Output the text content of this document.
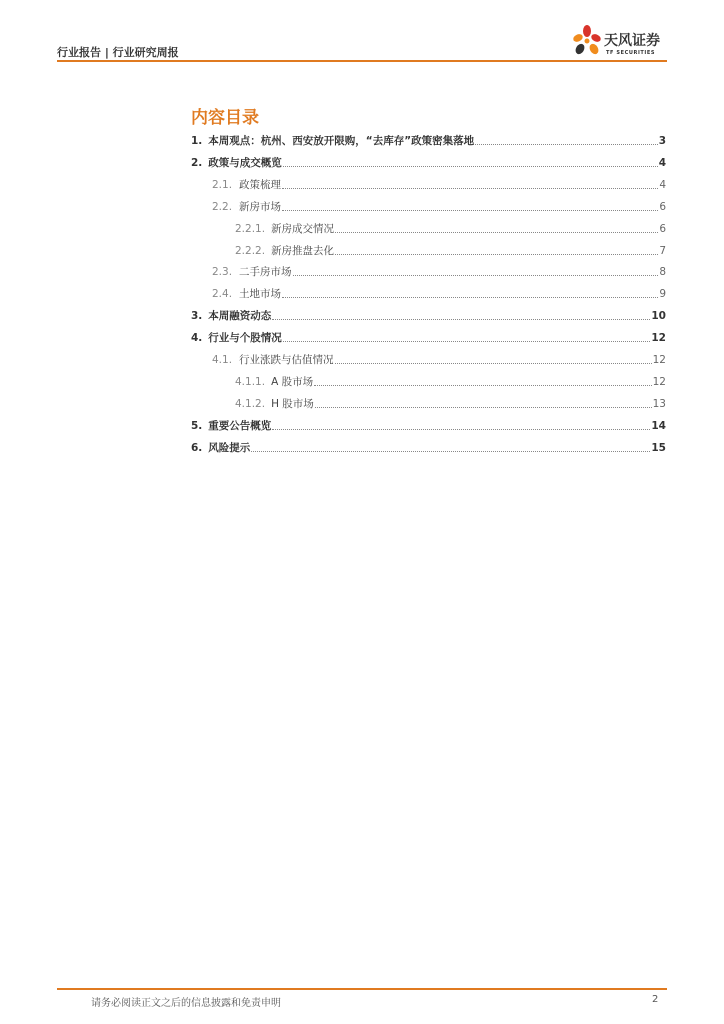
行业报告 | 行业研究周报
天风证券
TF SECURITIES
内容目录
1. 本周观点：杭州、西安放开限购，“去库存”政策密集落地	3
2. 政策与成交概览	4
2.1. 政策梳理	4
2.2. 新房市场	6
2.2.1. 新房成交情况	6
2.2.2. 新房推盘去化	7
2.3. 二手房市场	8
2.4. 土地市场	9
3. 本周融资动态	10
4. 行业与个股情况	12
4.1. 行业涨跌与估值情况	12
4.1.1. A 股市场	12
4.1.2. H 股市场	13
5. 重要公告概览	14
6. 风险提示	15
请务必阅读正文之后的信息披露和免责申明	2
